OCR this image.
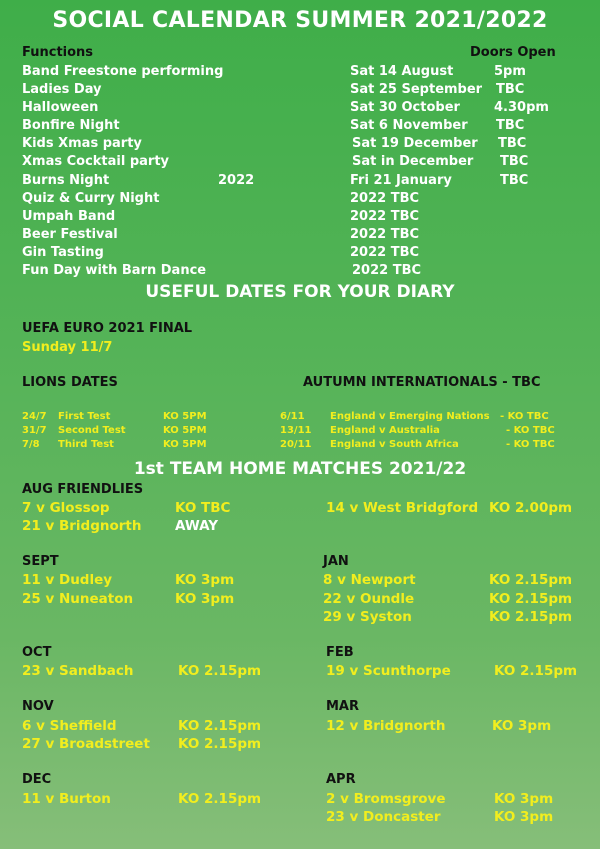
SOCIAL CALENDAR SUMMER 2021/2022
Functions	Doors Open
Band Freestone performing	Sat 14 August	5pm
Ladies Day	Sat 25 September TBC
Halloween	Sat 30 October	4.30pm
Bonfire Night	Sat 6 November TBC
Kids Xmas party	Sat 19 December TBC
Xmas Cocktail party	Sat in December TBC
Burns Night	2022	Fri 21 January	TBC
Quiz & Curry Night	2022 TBC
Umpah Band	2022 TBC
Beer Festival	2022 TBC
Gin Tasting	2022 TBC
Fun Day with Barn Dance	2022 TBC
USEFUL DATES FOR YOUR DIARY
UEFA EURO 2021 FINAL
Sunday 11/7
LIONS DATES	AUTUMN INTERNATIONALS - TBC
24/7 First Test	KO 5PM
31/7 Second Test	KO 5PM
7/8 Third Test	KO 5PM
6/11	England v Emerging Nations - KO TBC
13/11 England v Australia	- KO TBC
20/11 England v South Africa	- KO TBC
1st TEAM HOME MATCHES 2021/22
AUG FRIENDLIES
7 v Glossop	KO TBC	14 v West Bridgford KO 2.00pm
21 v Bridgnorth AWAY
SEPT
11 v Dudley	KO 3pm
25 v Nuneaton	KO 3pm
JAN
8 v Newport	KO 2.15pm
22 v Oundle	KO 2.15pm
29 v Syston	KO 2.15pm
OCT
23 v Sandbach	KO 2.15pm
FEB
19 v Scunthorpe	KO 2.15pm
NOV
6 v Sheffield	KO 2.15pm
27 v Broadstreet KO 2.15pm
MAR
12 v Bridgnorth	KO 3pm
DEC
11 v Burton	KO 2.15pm
APR
2 v Bromsgrove	KO 3pm
23 v Doncaster	KO 3pm
